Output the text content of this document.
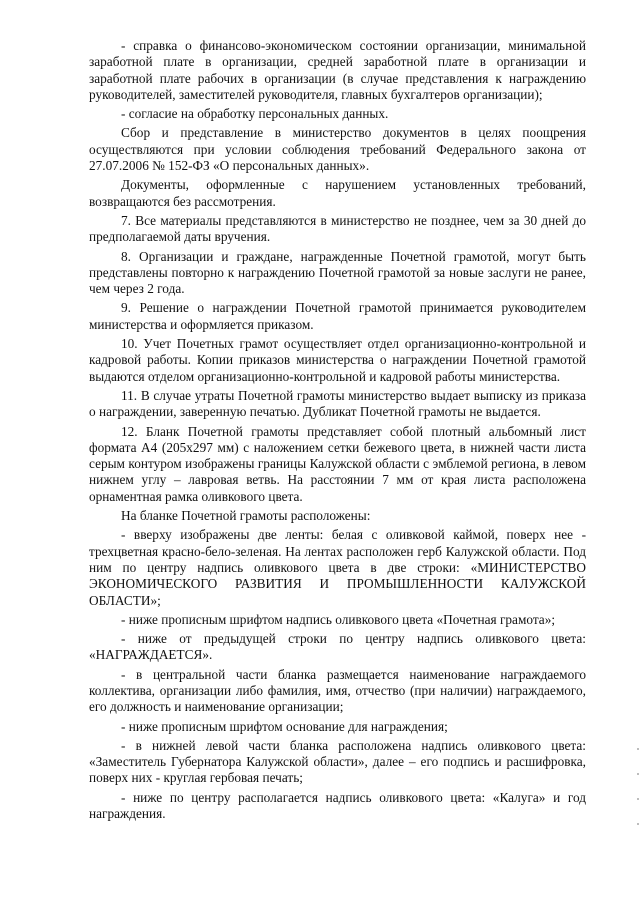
- справка о финансово-экономическом состоянии организации, минимальной заработной плате в организации, средней заработной плате в организации и заработной плате рабочих в организации (в случае представления к награждению руководителей, заместителей руководителя, главных бухгалтеров организации);

- согласие на обработку персональных данных.

Сбор и представление в министерство документов в целях поощрения осуществляются при условии соблюдения требований Федерального закона от 27.07.2006 № 152-ФЗ «О персональных данных».

Документы, оформленные с нарушением установленных требований, возвращаются без рассмотрения.

7. Все материалы представляются в министерство не позднее, чем за 30 дней до предполагаемой даты вручения.

8. Организации и граждане, награжденные Почетной грамотой, могут быть представлены повторно к награждению Почетной грамотой за новые заслуги не ранее, чем через 2 года.

9. Решение о награждении Почетной грамотой принимается руководителем министерства и оформляется приказом.

10. Учет Почетных грамот осуществляет отдел организационно-контрольной и кадровой работы. Копии приказов министерства о награждении Почетной грамотой выдаются отделом организационно-контрольной и кадровой работы министерства.

11. В случае утраты Почетной грамоты министерство выдает выписку из приказа о награждении, заверенную печатью. Дубликат Почетной грамоты не выдается.

12. Бланк Почетной грамоты представляет собой плотный альбомный лист формата А4 (205x297 мм) с наложением сетки бежевого цвета, в нижней части листа серым контуром изображены границы Калужской области с эмблемой региона, в левом нижнем углу – лавровая ветвь. На расстоянии 7 мм от края листа расположена орнаментная рамка оливкового цвета.

На бланке Почетной грамоты расположены:

- вверху изображены две ленты: белая с оливковой каймой, поверх нее - трехцветная красно-бело-зеленая. На лентах расположен герб Калужской области. Под ним по центру надпись оливкового цвета в две строки: «МИНИСТЕРСТВО ЭКОНОМИЧЕСКОГО РАЗВИТИЯ И ПРОМЫШЛЕННОСТИ КАЛУЖСКОЙ ОБЛАСТИ»;

- ниже прописным шрифтом надпись оливкового цвета «Почетная грамота»;

- ниже от предыдущей строки по центру надпись оливкового цвета: «НАГРАЖДАЕТСЯ».

- в центральной части бланка размещается наименование награждаемого коллектива, организации либо фамилия, имя, отчество (при наличии) награждаемого, его должность и наименование организации;

- ниже прописным шрифтом основание для награждения;

- в нижней левой части бланка расположена надпись оливкового цвета: «Заместитель Губернатора Калужской области», далее – его подпись и расшифровка, поверх них - круглая гербовая печать;

- ниже по центру располагается надпись оливкового цвета: «Калуга» и год награждения.
